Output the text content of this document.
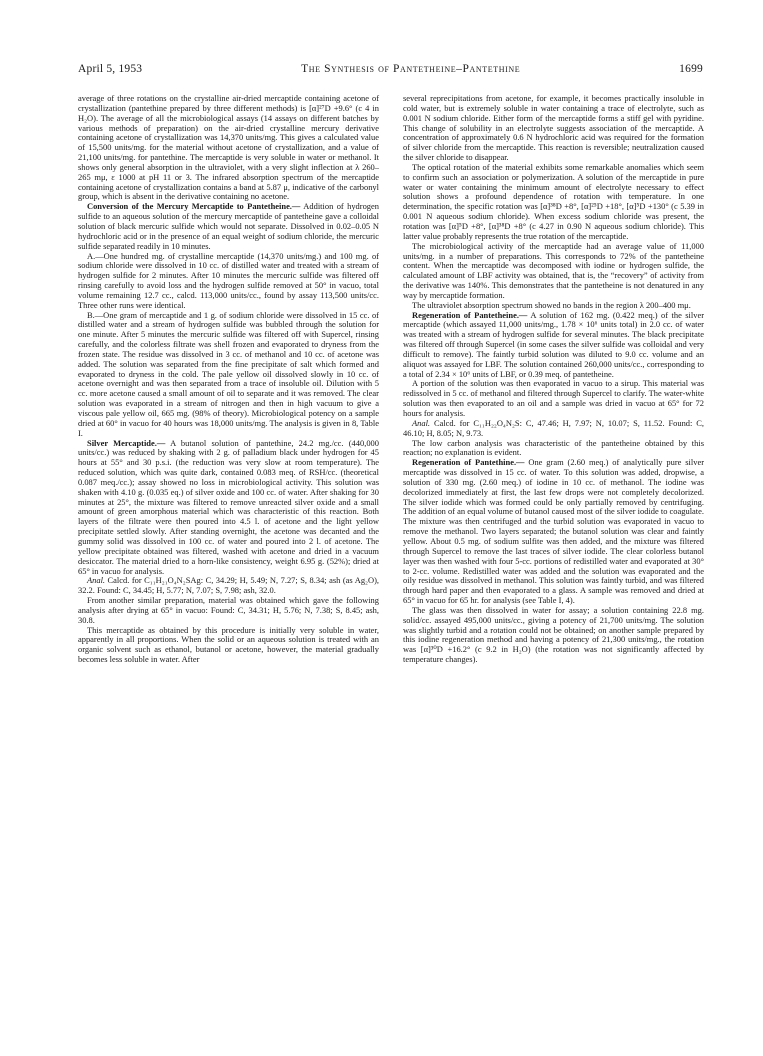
April 5, 1953	The Synthesis of Pantetheine–Pantethine	1699

average of three rotations on the crystalline air-dried mercaptide containing acetone of crystallization (pantethine prepared by three different methods) is [α]²⁷D +9.6° (c 4 in H₂O). The average of all the microbiological assays (14 assays on different batches by various methods of preparation) on the air-dried crystalline mercury derivative containing acetone of crystallization was 14,370 units/mg. This gives a calculated value of 15,500 units/mg. for the material without acetone of crystallization, and a value of 21,100 units/mg. for pantethine. The mercaptide is very soluble in water or methanol. It shows only general absorption in the ultraviolet, with a very slight inflection at λ 260–265 mμ, ε 1000 at pH 11 or 3. The infrared absorption spectrum of the mercaptide containing acetone of crystallization contains a band at 5.87 μ, indicative of the carbonyl group, which is absent in the derivative containing no acetone.

Conversion of the Mercury Mercaptide to Pantetheine.— Addition of hydrogen sulfide to an aqueous solution of the mercury mercaptide of pantetheine gave a colloidal solution of black mercuric sulfide which would not separate. Dissolved in 0.02–0.05 N hydrochloric acid or in the presence of an equal weight of sodium chloride, the mercuric sulfide separated readily in 10 minutes.

A.—One hundred mg. of crystalline mercaptide (14,370 units/mg.) and 100 mg. of sodium chloride were dissolved in 10 cc. of distilled water and treated with a stream of hydrogen sulfide for 2 minutes. After 10 minutes the mercuric sulfide was filtered off rinsing carefully to avoid loss and the hydrogen sulfide removed at 50° in vacuo, total volume remaining 12.7 cc., calcd. 113,000 units/cc., found by assay 113,500 units/cc. Three other runs were identical.

B.—One gram of mercaptide and 1 g. of sodium chloride were dissolved in 15 cc. of distilled water and a stream of hydrogen sulfide was bubbled through the solution for one minute. After 5 minutes the mercuric sulfide was filtered off with Supercel, rinsing carefully, and the colorless filtrate was shell frozen and evaporated to dryness from the frozen state. The residue was dissolved in 3 cc. of methanol and 10 cc. of acetone was added. The solution was separated from the fine precipitate of salt which formed and evaporated to dryness in the cold. The pale yellow oil dissolved slowly in 10 cc. of acetone overnight and was then separated from a trace of insoluble oil. Dilution with 5 cc. more acetone caused a small amount of oil to separate and it was removed. The clear solution was evaporated in a stream of nitrogen and then in high vacuum to give a viscous pale yellow oil, 665 mg. (98% of theory). Microbiological potency on a sample dried at 60° in vacuo for 40 hours was 18,000 units/mg. The analysis is given in 8, Table I.

Silver Mercaptide.— A butanol solution of pantethine, 24.2 mg./cc. (440,000 units/cc.) was reduced by shaking with 2 g. of palladium black under hydrogen for 45 hours at 55° and 30 p.s.i. (the reduction was very slow at room temperature). The reduced solution, which was quite dark, contained 0.083 meq. of RSH/cc. (theoretical 0.087 meq./cc.); assay showed no loss in microbiological activity. This solution was shaken with 4.10 g. (0.035 eq.) of silver oxide and 100 cc. of water. After shaking for 30 minutes at 25°, the mixture was filtered to remove unreacted silver oxide and a small amount of green amorphous material which was characteristic of this reaction. Both layers of the filtrate were then poured into 4.5 l. of acetone and the light yellow precipitate settled slowly. After standing overnight, the acetone was decanted and the gummy solid was dissolved in 100 cc. of water and poured into 2 l. of acetone. The yellow precipitate obtained was filtered, washed with acetone and dried in a vacuum desiccator. The material dried to a horn-like consistency, weight 6.95 g. (52%); dried at 65° in vacuo for analysis.

Anal. Calcd. for C₁₁H₂₁O₄N₂SAg: C, 34.29; H, 5.49; N, 7.27; S, 8.34; ash (as Ag₂O), 32.2. Found: C, 34.45; H, 5.77; N, 7.07; S, 7.98; ash, 32.0.

From another similar preparation, material was obtained which gave the following analysis after drying at 65° in vacuo: Found: C, 34.31; H, 5.76; N, 7.38; S, 8.45; ash, 30.8.

This mercaptide as obtained by this procedure is initially very soluble in water, apparently in all proportions. When the solid or an aqueous solution is treated with an organic solvent such as ethanol, butanol or acetone, however, the material gradually becomes less soluble in water. After

several reprecipitations from acetone, for example, it becomes practically insoluble in cold water, but is extremely soluble in water containing a trace of electrolyte, such as 0.001 N sodium chloride. Either form of the mercaptide forms a stiff gel with pyridine. This change of solubility in an electrolyte suggests association of the mercaptide. A concentration of approximately 0.6 N hydrochloric acid was required for the formation of silver chloride from the mercaptide. This reaction is reversible; neutralization caused the silver chloride to disappear.

The optical rotation of the material exhibits some remarkable anomalies which seem to confirm such an association or polymerization. A solution of the mercaptide in pure water or water containing the minimum amount of electrolyte necessary to effect solution shows a profound dependence of rotation with temperature. In one determination, the specific rotation was [α]³⁸D +8°, [α]²⁵D +18°, [α]⁵D +130° (c 5.39 in 0.001 N aqueous sodium chloride). When excess sodium chloride was present, the rotation was [α]⁵D +8°, [α]³⁸D +8° (c 4.27 in 0.90 N aqueous sodium chloride). This latter value probably represents the true rotation of the mercaptide.

The microbiological activity of the mercaptide had an average value of 11,000 units/mg. in a number of preparations. This corresponds to 72% of the pantetheine content. When the mercaptide was decomposed with iodine or hydrogen sulfide, the calculated amount of LBF activity was obtained, that is, the “recovery” of activity from the derivative was 140%. This demonstrates that the pantetheine is not denatured in any way by mercaptide formation.

The ultraviolet absorption spectrum showed no bands in the region λ 200–400 mμ.

Regeneration of Pantetheine.— A solution of 162 mg. (0.422 meq.) of the silver mercaptide (which assayed 11,000 units/mg., 1.78 × 10⁶ units total) in 2.0 cc. of water was treated with a stream of hydrogen sulfide for several minutes. The black precipitate was filtered off through Supercel (in some cases the silver sulfide was colloidal and very difficult to remove). The faintly turbid solution was diluted to 9.0 cc. volume and an aliquot was assayed for LBF. The solution contained 260,000 units/cc., corresponding to a total of 2.34 × 10⁶ units of LBF, or 0.39 meq. of pantetheine.

A portion of the solution was then evaporated in vacuo to a sirup. This material was redissolved in 5 cc. of methanol and filtered through Supercel to clarify. The water-white solution was then evaporated to an oil and a sample was dried in vacuo at 65° for 72 hours for analysis.

Anal. Calcd. for C₁₁H₂₂O₄N₂S: C, 47.46; H, 7.97; N, 10.07; S, 11.52. Found: C, 46.10; H, 8.05; N, 9.73.

The low carbon analysis was characteristic of the pantetheine obtained by this reaction; no explanation is evident.

Regeneration of Pantethine.— One gram (2.60 meq.) of analytically pure silver mercaptide was dissolved in 15 cc. of water. To this solution was added, dropwise, a solution of 330 mg. (2.60 meq.) of iodine in 10 cc. of methanol. The iodine was decolorized immediately at first, the last few drops were not completely decolorized. The silver iodide which was formed could be only partially removed by centrifuging. The addition of an equal volume of butanol caused most of the silver iodide to coagulate. The mixture was then centrifuged and the turbid solution was evaporated in vacuo to remove the methanol. Two layers separated; the butanol solution was clear and faintly yellow. About 0.5 mg. of sodium sulfite was then added, and the mixture was filtered through Supercel to remove the last traces of silver iodide. The clear colorless butanol layer was then washed with four 5-cc. portions of redistilled water and evaporated at 30° to 2-cc. volume. Redistilled water was added and the solution was evaporated and the oily residue was dissolved in methanol. This solution was faintly turbid, and was filtered through hard paper and then evaporated to a glass. A sample was removed and dried at 65° in vacuo for 65 hr. for analysis (see Table I, 4).

The glass was then dissolved in water for assay; a solution containing 22.8 mg. solid/cc. assayed 495,000 units/cc., giving a potency of 21,700 units/mg. The solution was slightly turbid and a rotation could not be obtained; on another sample prepared by this iodine regeneration method and having a potency of 21,300 units/mg., the rotation was [α]³⁰D +16.2° (c 9.2 in H₂O) (the rotation was not significantly affected by temperature changes).
